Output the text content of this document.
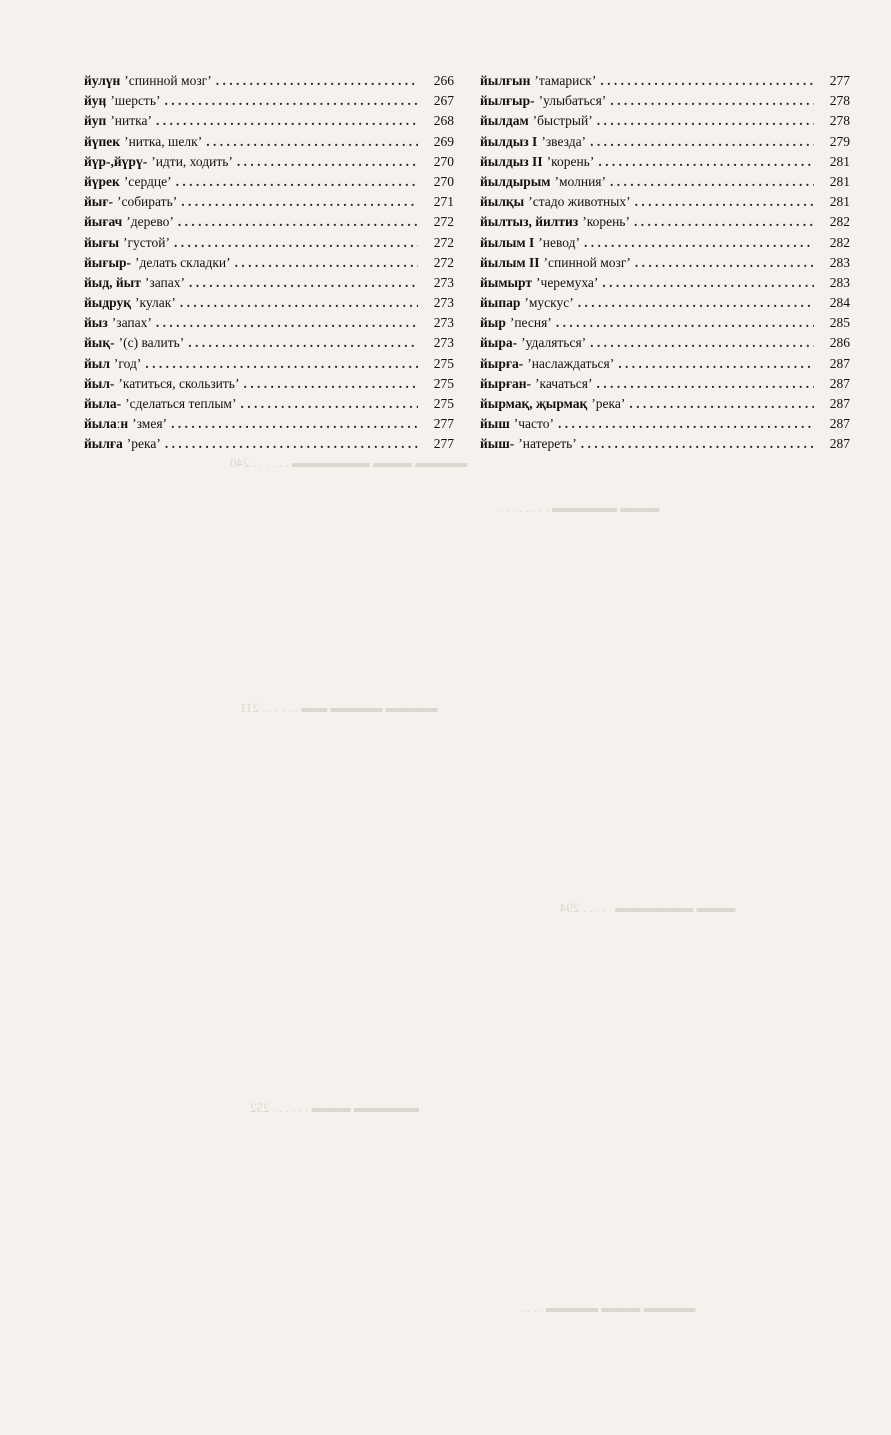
▬▬▬▬ ▬▬▬ ▬▬▬▬▬▬ . . . . . . 240
▬▬▬ ▬▬▬▬▬ . . . . . . . .
▬▬▬▬ ▬▬▬▬ ▬▬ . . . . . . 211
▬▬▬ ▬▬▬▬▬▬ . . . . . 294
▬▬▬▬▬ ▬▬▬ . . . . . . 252
▬▬▬▬ ▬▬▬ ▬▬▬▬ . . . .
йулүн ’спинной мозг’ . . .	266
йуӊ ’шерсть’ . . .	267
йуп ’нитка’ . . .	268
йүпек ’нитка, шелк’ . . .	269
йүр-,йүрү- ’идти, ходить’ . . .	270
йүрек ’сердце’ . . .	270
йығ- ’собирать’ . . .	271
йығач ’дерево’ . . .	272
йығы ’густой’ . . .	272
йығыр- ’делать складки’ . . .	272
йыд, йыт ’запах’ . . .	273
йыдруқ ’кулак’ . . .	273
йыз ’запах’ . . .	273
йық- ’(с) валить’ . . .	273
йыл ’год’ . . .	275
йыл- ’катиться, скользить’ . . .	275
йыла- ’сделаться теплым’ . . .	275
йылаːн ’змея’ . . .	277
йылға ’река’ . . .	277
йылғын ’тамариск’ . . .	277
йылғыр- ’улыбаться’ . . .	278
йылдам ’быстрый’ . . .	278
йылдыз I ’звезда’ . . .	279
йылдыз II ’корень’ . . .	281
йылдырым ’молния’ . . .	281
йылқы ’стадо животных’ . . .	281
йылтыз, йилтиз ’корень’ . . .	282
йылым I ’невод’ . . .	282
йылым II ’спинной мозг’ . . .	283
йымырт ’черемуха’ . . .	283
йыпар ’мускус’ . . .	284
йыр ’песня’ . . .	285
йыра- ’удаляться’ . . .	286
йырға- ’наслаждаться’ . . .	287
йырған- ’качаться’ . . .	287
йырмақ, җырмақ ’река’ . . .	287
йыш ’часто’ . . .	287
йыш- ’натереть’ . . .	287
